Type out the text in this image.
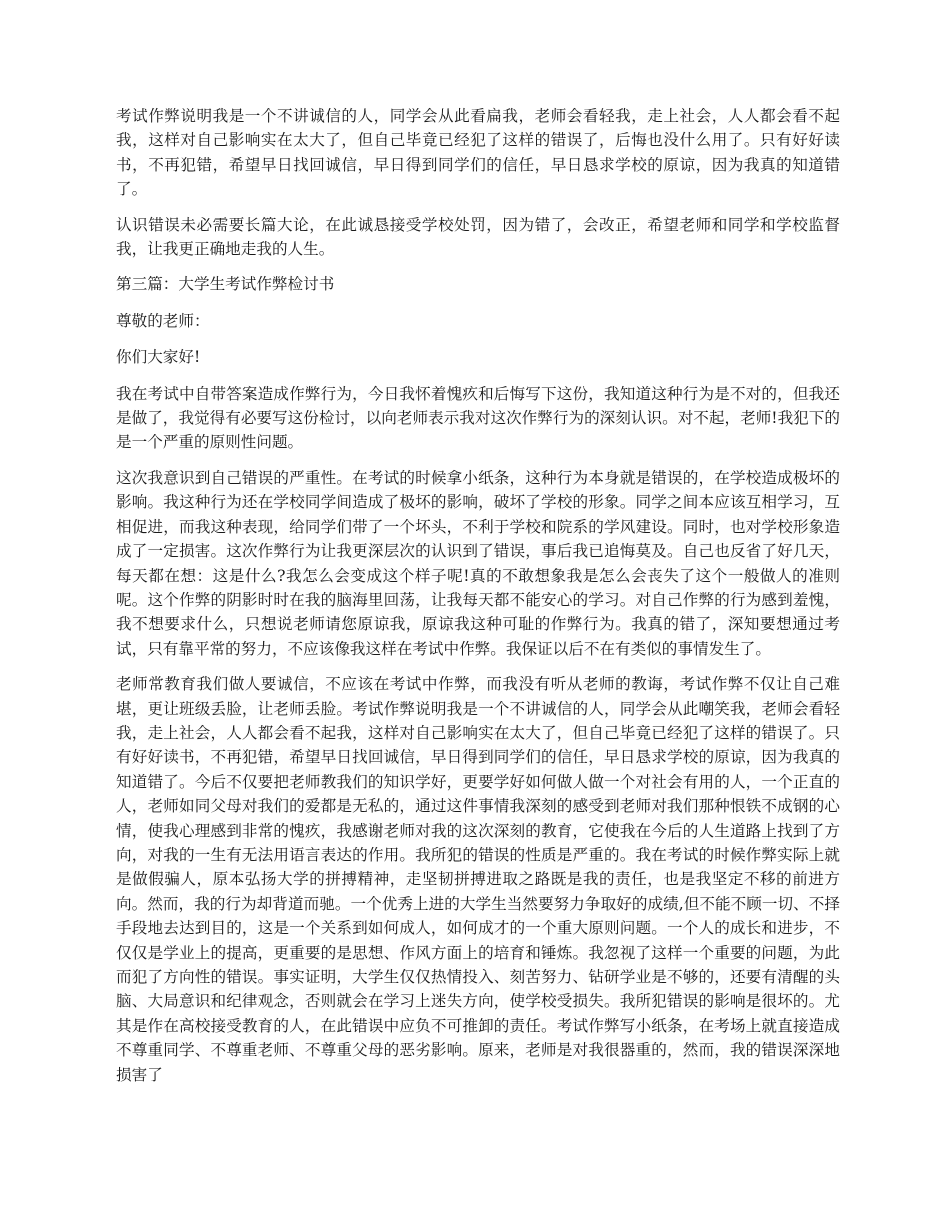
考试作弊说明我是一个不讲诚信的人，同学会从此看扁我，老师会看轻我，走上社会，人人都会看不起我，这样对自己影响实在太大了，但自己毕竟已经犯了这样的错误了，后悔也没什么用了。只有好好读书，不再犯错，希望早日找回诚信，早日得到同学们的信任，早日恳求学校的原谅，因为我真的知道错了。

认识错误未必需要长篇大论，在此诚恳接受学校处罚，因为错了，会改正，希望老师和同学和学校监督我，让我更正确地走我的人生。

第三篇：大学生考试作弊检讨书

尊敬的老师：

你们大家好!

我在考试中自带答案造成作弊行为，今日我怀着愧疚和后悔写下这份，我知道这种行为是不对的，但我还是做了，我觉得有必要写这份检讨，以向老师表示我对这次作弊行为的深刻认识。对不起，老师!我犯下的是一个严重的原则性问题。

这次我意识到自己错误的严重性。在考试的时候拿小纸条，这种行为本身就是错误的，在学校造成极坏的影响。我这种行为还在学校同学间造成了极坏的影响，破坏了学校的形象。同学之间本应该互相学习，互相促进，而我这种表现，给同学们带了一个坏头，不利于学校和院系的学风建设。同时，也对学校形象造成了一定损害。这次作弊行为让我更深层次的认识到了错误，事后我已追悔莫及。自己也反省了好几天，每天都在想：这是什么?我怎么会变成这个样子呢!真的不敢想象我是怎么会丧失了这个一般做人的准则呢。这个作弊的阴影时时在我的脑海里回荡，让我每天都不能安心的学习。对自己作弊的行为感到羞愧，我不想要求什么，只想说老师请您原谅我，原谅我这种可耻的作弊行为。我真的错了，深知要想通过考试，只有靠平常的努力，不应该像我这样在考试中作弊。我保证以后不在有类似的事情发生了。

老师常教育我们做人要诚信，不应该在考试中作弊，而我没有听从老师的教诲，考试作弊不仅让自己难堪，更让班级丢脸，让老师丢脸。考试作弊说明我是一个不讲诚信的人，同学会从此嘲笑我，老师会看轻我，走上社会，人人都会看不起我，这样对自己影响实在太大了，但自己毕竟已经犯了这样的错误了。只有好好读书，不再犯错，希望早日找回诚信，早日得到同学们的信任，早日恳求学校的原谅，因为我真的知道错了。今后不仅要把老师教我们的知识学好，更要学好如何做人做一个对社会有用的人，一个正直的人，老师如同父母对我们的爱都是无私的，通过这件事情我深刻的感受到老师对我们那种恨铁不成钢的心情，使我心理感到非常的愧疚，我感谢老师对我的这次深刻的教育，它使我在今后的人生道路上找到了方向，对我的一生有无法用语言表达的作用。我所犯的错误的性质是严重的。我在考试的时候作弊实际上就是做假骗人，原本弘扬大学的拼搏精神，走坚韧拼搏进取之路既是我的责任，也是我坚定不移的前进方向。然而，我的行为却背道而驰。一个优秀上进的大学生当然要努力争取好的成绩,但不能不顾一切、不择手段地去达到目的，这是一个关系到如何成人，如何成才的一个重大原则问题。一个人的成长和进步，不仅仅是学业上的提高，更重要的是思想、作风方面上的培育和锤炼。我忽视了这样一个重要的问题，为此而犯了方向性的错误。事实证明，大学生仅仅热情投入、刻苦努力、钻研学业是不够的，还要有清醒的头脑、大局意识和纪律观念，否则就会在学习上迷失方向，使学校受损失。我所犯错误的影响是很坏的。尤其是作在高校接受教育的人，在此错误中应负不可推卸的责任。考试作弊写小纸条，在考场上就直接造成不尊重同学、不尊重老师、不尊重父母的恶劣影响。原来，老师是对我很器重的，然而，我的错误深深地损害了
